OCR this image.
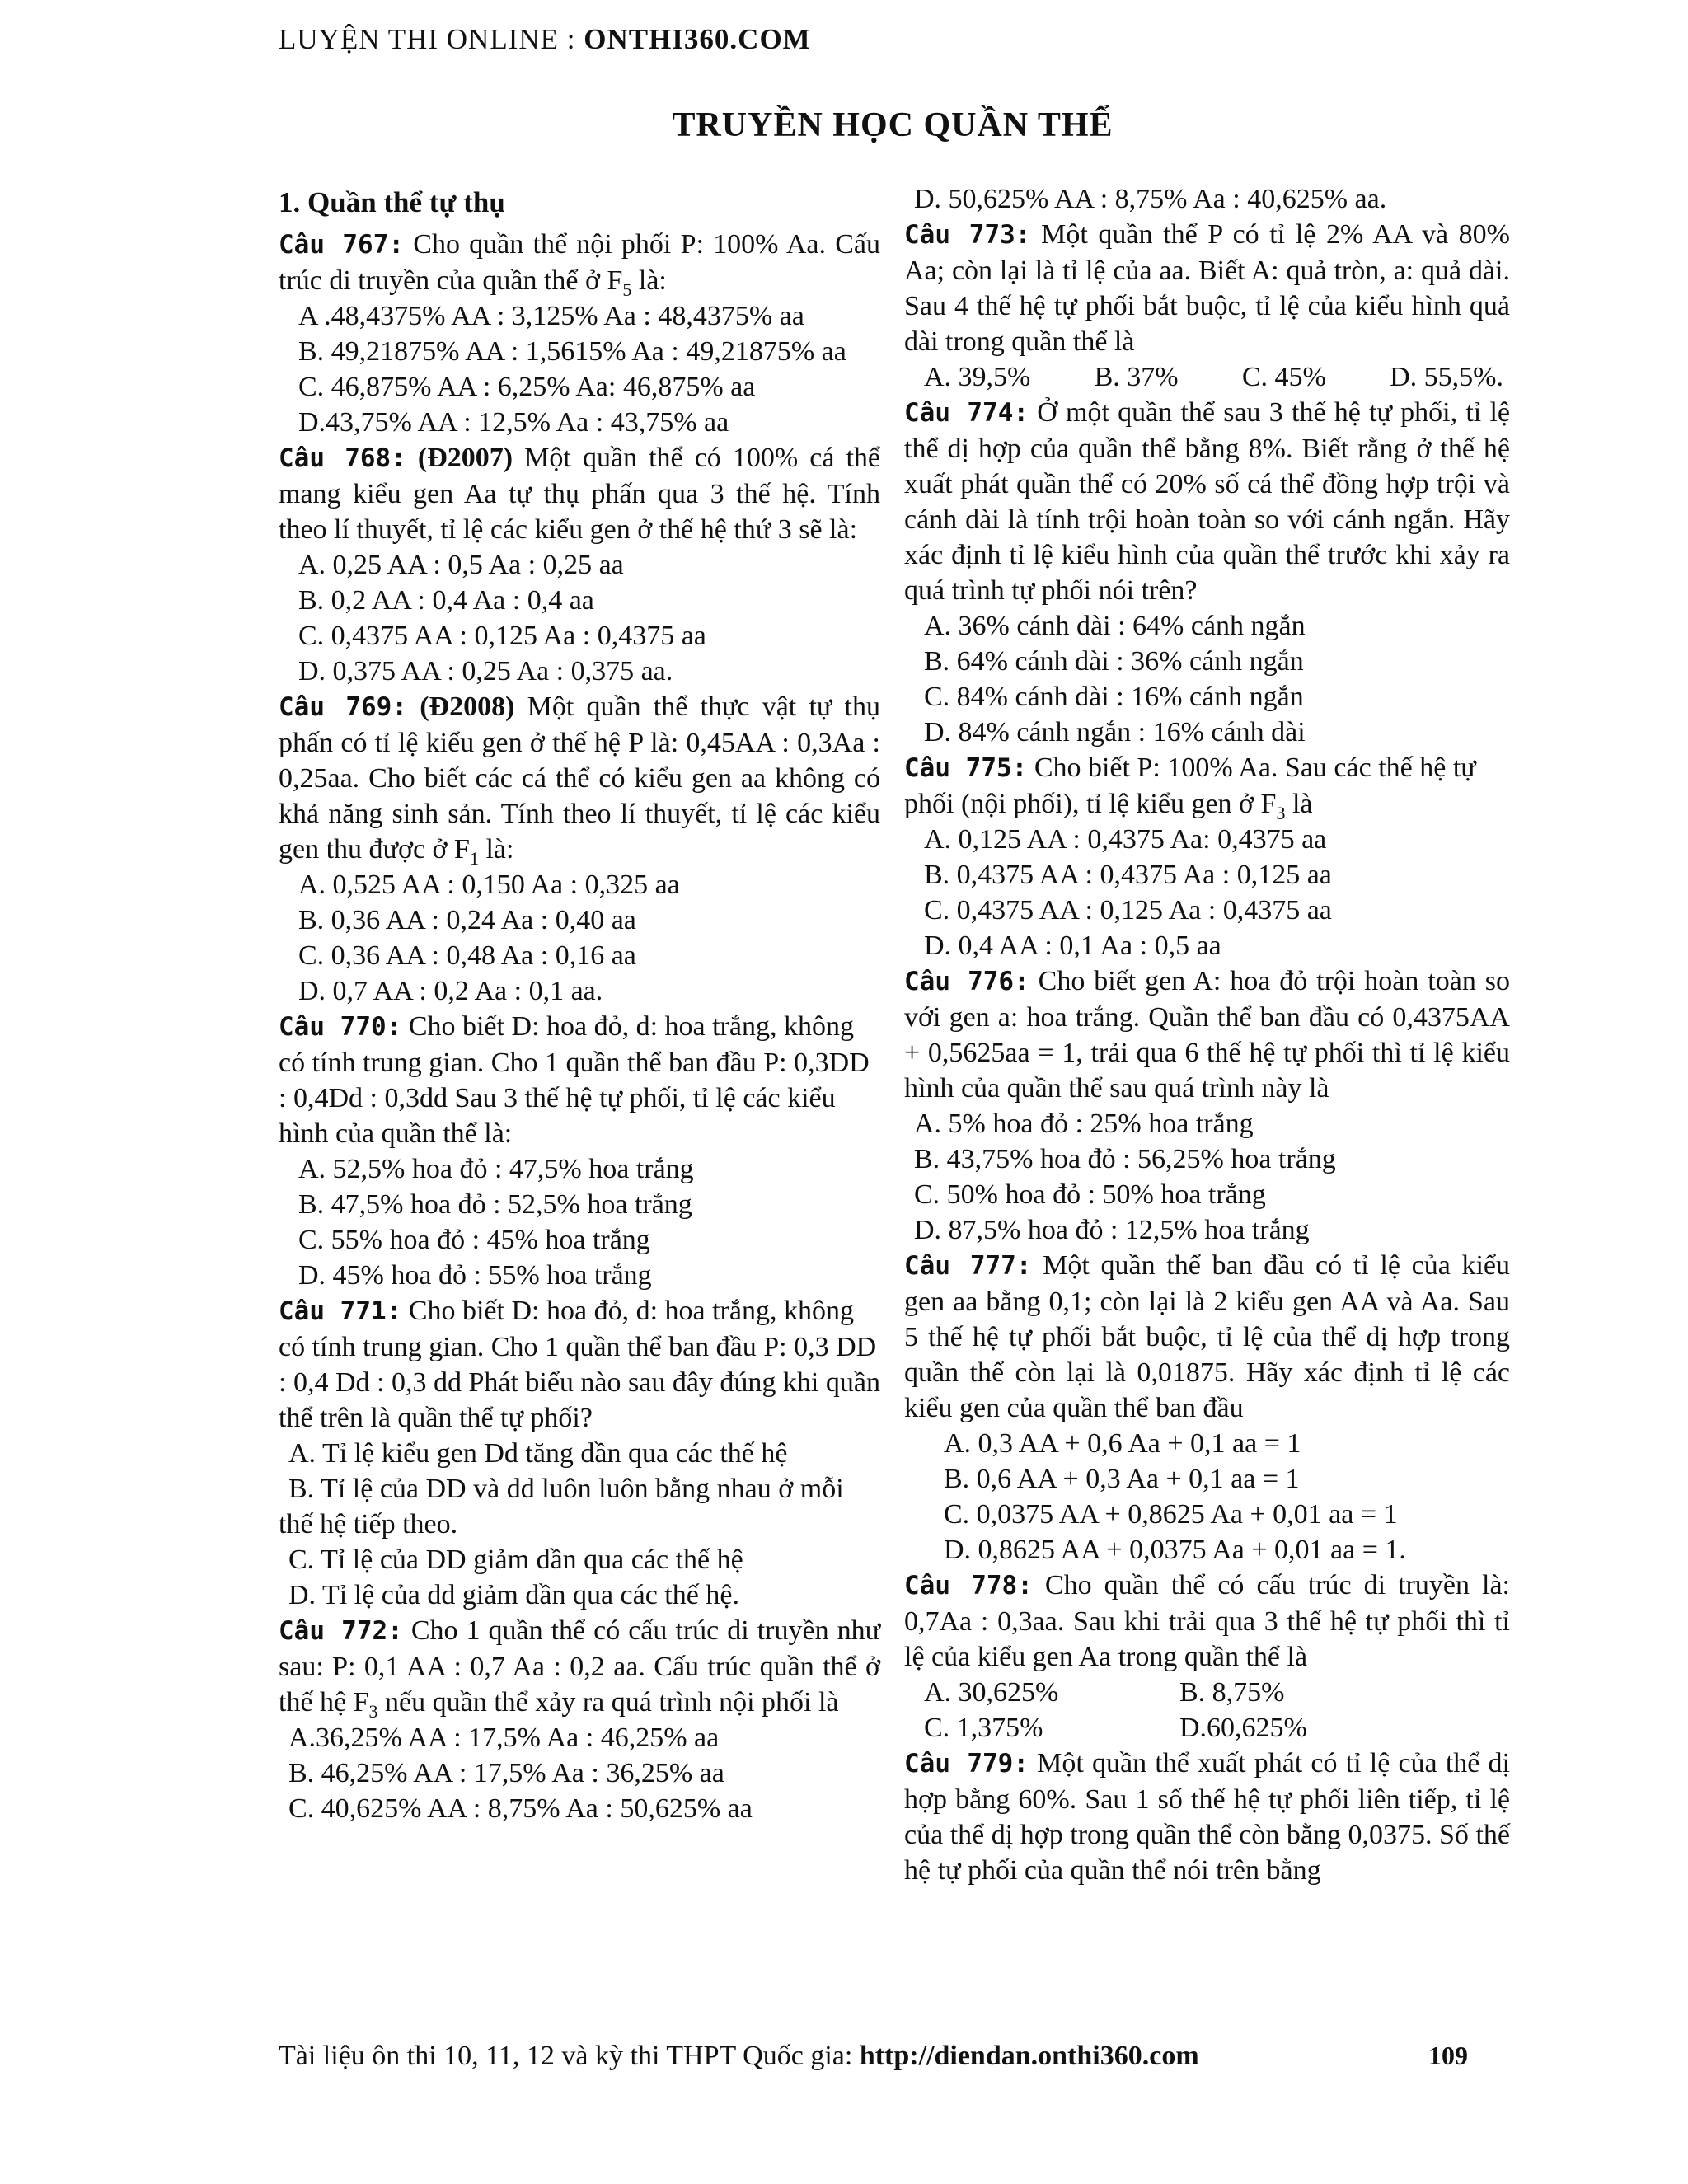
LUYỆN THI ONLINE : ONTHI360.COM
TRUYỀN HỌC QUẦN THỂ
1. Quần thể tự thụ
Câu 767: Cho quần thể nội phối P: 100% Aa. Cấu trúc di truyền của quần thể ở $F_5$ là:
A .48,4375% AA : 3,125% Aa : 48,4375% aa
B. 49,21875% AA : 1,5615% Aa : 49,21875% aa
C. 46,875% AA : 6,25% Aa: 46,875% aa
D.43,75% AA : 12,5% Aa : 43,75% aa
Câu 768: (Đ2007) Một quần thể có 100% cá thể mang kiểu gen Aa tự thụ phấn qua 3 thế hệ. Tính theo lí thuyết, tỉ lệ các kiểu gen ở thế hệ thứ 3 sẽ là:
A. 0,25 AA : 0,5 Aa : 0,25 aa
B. 0,2 AA : 0,4 Aa : 0,4 aa
C. 0,4375 AA : 0,125 Aa : 0,4375 aa
D. 0,375 AA : 0,25 Aa : 0,375 aa.
Câu 769: (Đ2008) Một quần thể thực vật tự thụ phấn có tỉ lệ kiểu gen ở thế hệ P là: 0,45AA : 0,3Aa : 0,25aa. Cho biết các cá thể có kiểu gen aa không có khả năng sinh sản. Tính theo lí thuyết, tỉ lệ các kiểu gen thu được ở $F_1$ là:
A. 0,525 AA : 0,150 Aa : 0,325 aa
B. 0,36 AA : 0,24 Aa : 0,40 aa
C. 0,36 AA : 0,48 Aa : 0,16 aa
D. 0,7 AA : 0,2 Aa : 0,1 aa.
Câu 770: Cho biết D: hoa đỏ, d: hoa trắng, không có tính trung gian. Cho 1 quần thể ban đầu P: 0,3DD : 0,4Dd : 0,3dd Sau 3 thế hệ tự phối, tỉ lệ các kiểu hình của quần thể là:
A. 52,5% hoa đỏ : 47,5% hoa trắng
B. 47,5% hoa đỏ : 52,5% hoa trắng
C. 55% hoa đỏ : 45% hoa trắng
D. 45% hoa đỏ : 55% hoa trắng
Câu 771: Cho biết D: hoa đỏ, d: hoa trắng, không có tính trung gian. Cho 1 quần thể ban đầu P: 0,3 DD : 0,4 Dd : 0,3 dd Phát biểu nào sau đây đúng khi quần thể trên là quần thể tự phối?
A. Tỉ lệ kiểu gen Dd tăng dần qua các thế hệ
B. Tỉ lệ của DD và dd luôn luôn bằng nhau ở mỗi thế hệ tiếp theo.
C. Tỉ lệ của DD giảm dần qua các thế hệ
D. Tỉ lệ của dd giảm dần qua các thế hệ.
Câu 772: Cho 1 quần thể có cấu trúc di truyền như sau: P: 0,1 AA : 0,7 Aa : 0,2 aa. Cấu trúc quần thể ở thế hệ $F_3$ nếu quần thể xảy ra quá trình nội phối là
A.36,25% AA : 17,5% Aa : 46,25% aa
B. 46,25% AA : 17,5% Aa : 36,25% aa
C. 40,625% AA : 8,75% Aa : 50,625% aa
D. 50,625% AA : 8,75% Aa : 40,625% aa.
Câu 773: Một quần thể P có tỉ lệ 2% AA và 80% Aa; còn lại là tỉ lệ của aa. Biết A: quả tròn, a: quả dài. Sau 4 thế hệ tự phối bắt buộc, tỉ lệ của kiểu hình quả dài trong quần thể là
A. 39,5% B. 37% C. 45% D. 55,5%.
Câu 774: Ở một quần thể sau 3 thế hệ tự phối, tỉ lệ thể dị hợp của quần thể bằng 8%. Biết rằng ở thế hệ xuất phát quần thể có 20% số cá thể đồng hợp trội và cánh dài là tính trội hoàn toàn so với cánh ngắn. Hãy xác định tỉ lệ kiểu hình của quần thể trước khi xảy ra quá trình tự phối nói trên?
A. 36% cánh dài : 64% cánh ngắn
B. 64% cánh dài : 36% cánh ngắn
C. 84% cánh dài : 16% cánh ngắn
D. 84% cánh ngắn : 16% cánh dài
Câu 775: Cho biết P: 100% Aa. Sau các thế hệ tự phối (nội phối), tỉ lệ kiểu gen ở $F_3$ là
A. 0,125 AA : 0,4375 Aa: 0,4375 aa
B. 0,4375 AA : 0,4375 Aa : 0,125 aa
C. 0,4375 AA : 0,125 Aa : 0,4375 aa
D. 0,4 AA : 0,1 Aa : 0,5 aa
Câu 776: Cho biết gen A: hoa đỏ trội hoàn toàn so với gen a: hoa trắng. Quần thể ban đầu có 0,4375AA + 0,5625aa = 1, trải qua 6 thế hệ tự phối thì tỉ lệ kiểu hình của quần thể sau quá trình này là
A. 5% hoa đỏ : 25% hoa trắng
B. 43,75% hoa đỏ : 56,25% hoa trắng
C. 50% hoa đỏ : 50% hoa trắng
D. 87,5% hoa đỏ : 12,5% hoa trắng
Câu 777: Một quần thể ban đầu có tỉ lệ của kiểu gen aa bằng 0,1; còn lại là 2 kiểu gen AA và Aa. Sau 5 thế hệ tự phối bắt buộc, tỉ lệ của thể dị hợp trong quần thể còn lại là 0,01875. Hãy xác định tỉ lệ các kiểu gen của quần thể ban đầu
A. 0,3 AA + 0,6 Aa + 0,1 aa = 1
B. 0,6 AA + 0,3 Aa + 0,1 aa = 1
C. 0,0375 AA + 0,8625 Aa + 0,01 aa = 1
D. 0,8625 AA + 0,0375 Aa + 0,01 aa = 1.
Câu 778: Cho quần thể có cấu trúc di truyền là: 0,7Aa : 0,3aa. Sau khi trải qua 3 thế hệ tự phối thì tỉ lệ của kiểu gen Aa trong quần thể là
A. 30,625%	B. 8,75%
C. 1,375%	D.60,625%
Câu 779: Một quần thể xuất phát có tỉ lệ của thể dị hợp bằng 60%. Sau 1 số thế hệ tự phối liên tiếp, tỉ lệ của thể dị hợp trong quần thể còn bằng 0,0375. Số thế hệ tự phối của quần thể nói trên bằng
Tài liệu ôn thi 10, 11, 12 và kỳ thi THPT Quốc gia: http://diendan.onthi360.com	109
